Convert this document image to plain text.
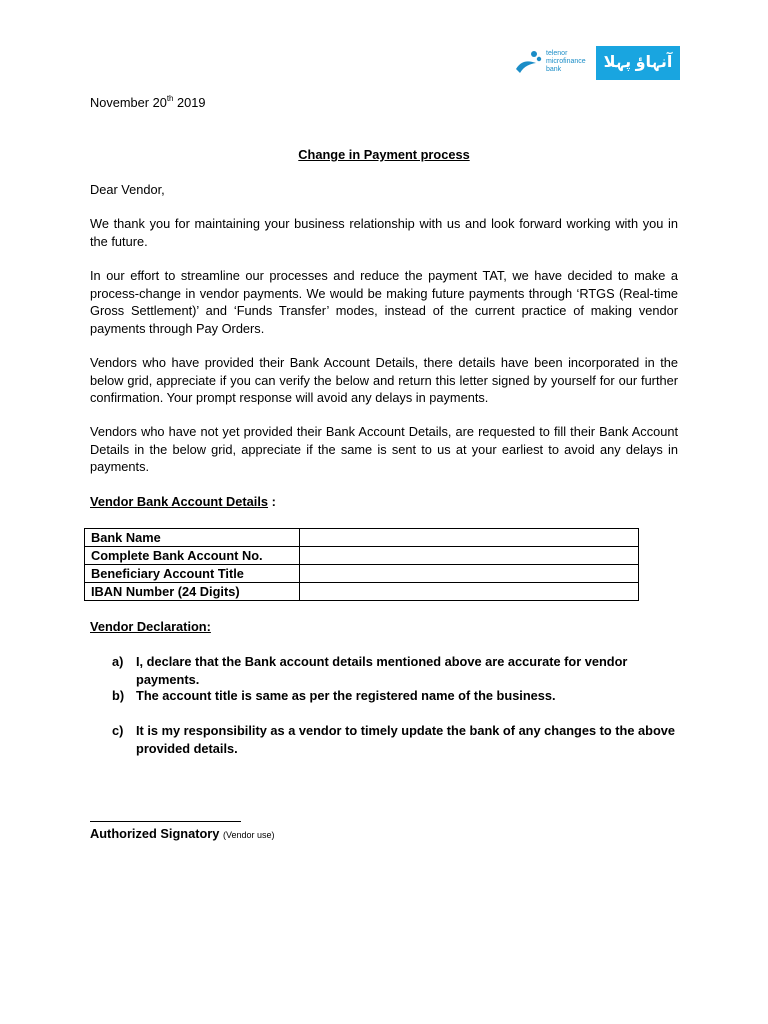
telenor
microfinance
bank	آنہاؤ پہلا قدم
November 20th 2019
Change in Payment process
Dear Vendor,
We thank you for maintaining your business relationship with us and look forward working with you in the future.
In our effort to streamline our processes and reduce the payment TAT, we have decided to make a process-change in vendor payments. We would be making future payments through ‘RTGS (Real-time Gross Settlement)’ and ‘Funds Transfer’ modes, instead of the current practice of making vendor payments through Pay Orders.
Vendors who have provided their Bank Account Details, there details have been incorporated in the below grid, appreciate if you can verify the below and return this letter signed by yourself for our further confirmation. Your prompt response will avoid any delays in payments.
Vendors who have not yet provided their Bank Account Details, are requested to fill their Bank Account Details in the below grid, appreciate if the same is sent to us at your earliest to avoid any delays in payments.
Vendor Bank Account Details :
Bank Name	
Complete Bank Account No.	
Beneficiary Account Title	
IBAN Number (24 Digits)	
Vendor Declaration:
a) I, declare that the Bank account details mentioned above are accurate for vendor payments.
b) The account title is same as per the registered name of the business.
c) It is my responsibility as a vendor to timely update the bank of any changes to the above provided details.
Authorized Signatory (Vendor use)
